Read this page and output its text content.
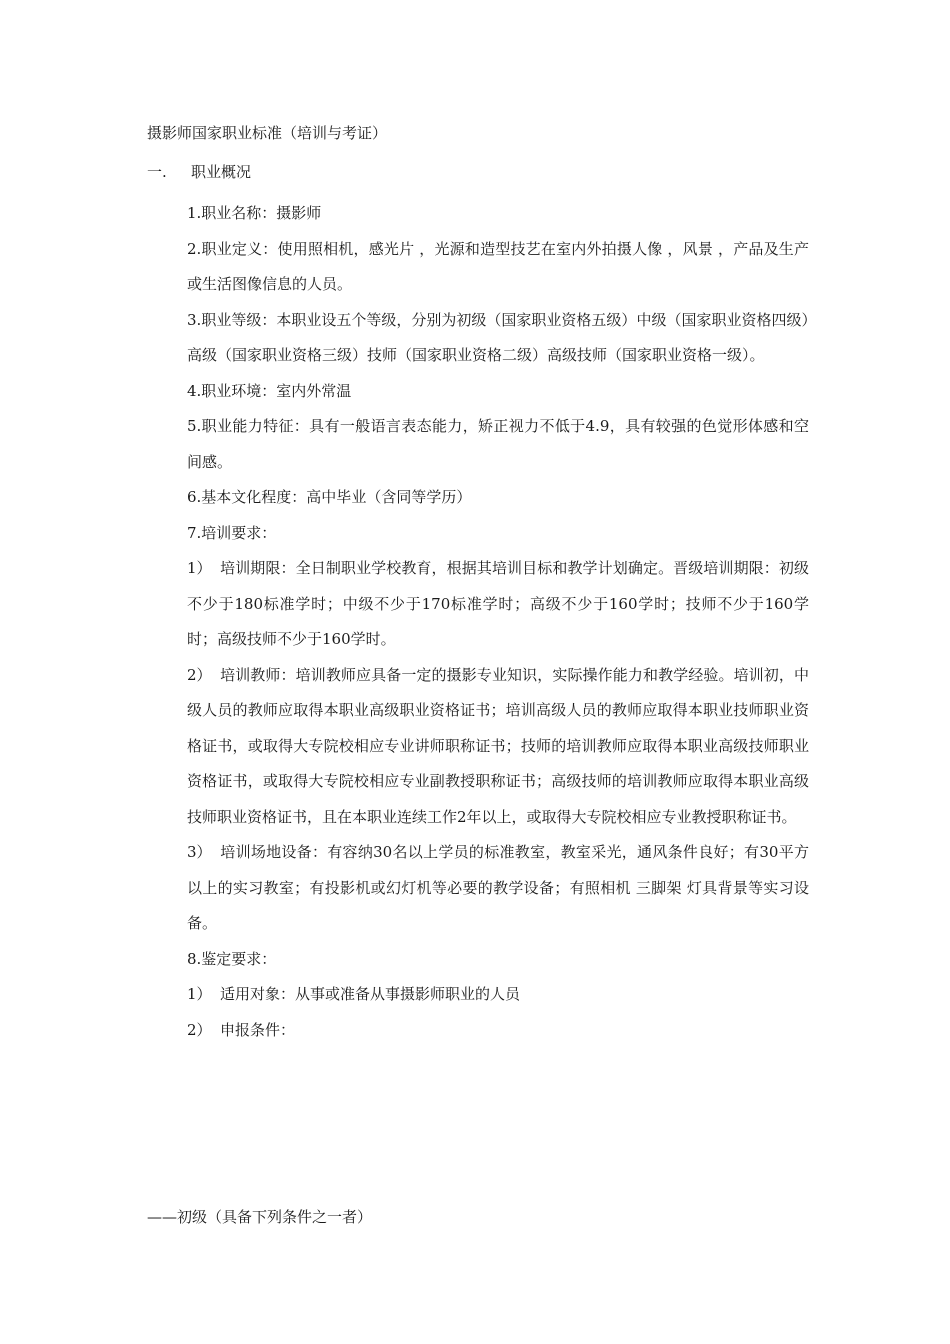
摄影师国家职业标准（培训与考证）
一. 职业概况

1.职业名称：摄影师

2.职业定义：使用照相机，感光片 ，光源和造型技艺在室内外拍摄人像 ，风景 ，产品及生产或生活图像信息的人员。

3.职业等级：本职业设五个等级，分别为初级（国家职业资格五级）中级（国家职业资格四级）高级（国家职业资格三级）技师（国家职业资格二级）高级技师（国家职业资格一级）。

4.职业环境：室内外常温

5.职业能力特征：具有一般语言表态能力，矫正视力不低于4.9，具有较强的色觉形体感和空间感。

6.基本文化程度：高中毕业（含同等学历）

7.培训要求：

1） 培训期限：全日制职业学校教育，根据其培训目标和教学计划确定。晋级培训期限：初级不少于180标准学时；中级不少于170标准学时；高级不少于160学时；技师不少于160学时；高级技师不少于160学时。

2） 培训教师：培训教师应具备一定的摄影专业知识，实际操作能力和教学经验。培训初，中级人员的教师应取得本职业高级职业资格证书；培训高级人员的教师应取得本职业技师职业资格证书，或取得大专院校相应专业讲师职称证书；技师的培训教师应取得本职业高级技师职业资格证书，或取得大专院校相应专业副教授职称证书；高级技师的培训教师应取得本职业高级技师职业资格证书，且在本职业连续工作2年以上，或取得大专院校相应专业教授职称证书。

3） 培训场地设备：有容纳30名以上学员的标准教室，教室采光，通风条件良好；有30平方以上的实习教室；有投影机或幻灯机等必要的教学设备；有照相机 三脚架 灯具背景等实习设备。

8.鉴定要求：

1） 适用对象：从事或准备从事摄影师职业的人员

2） 申报条件：

——初级（具备下列条件之一者）
